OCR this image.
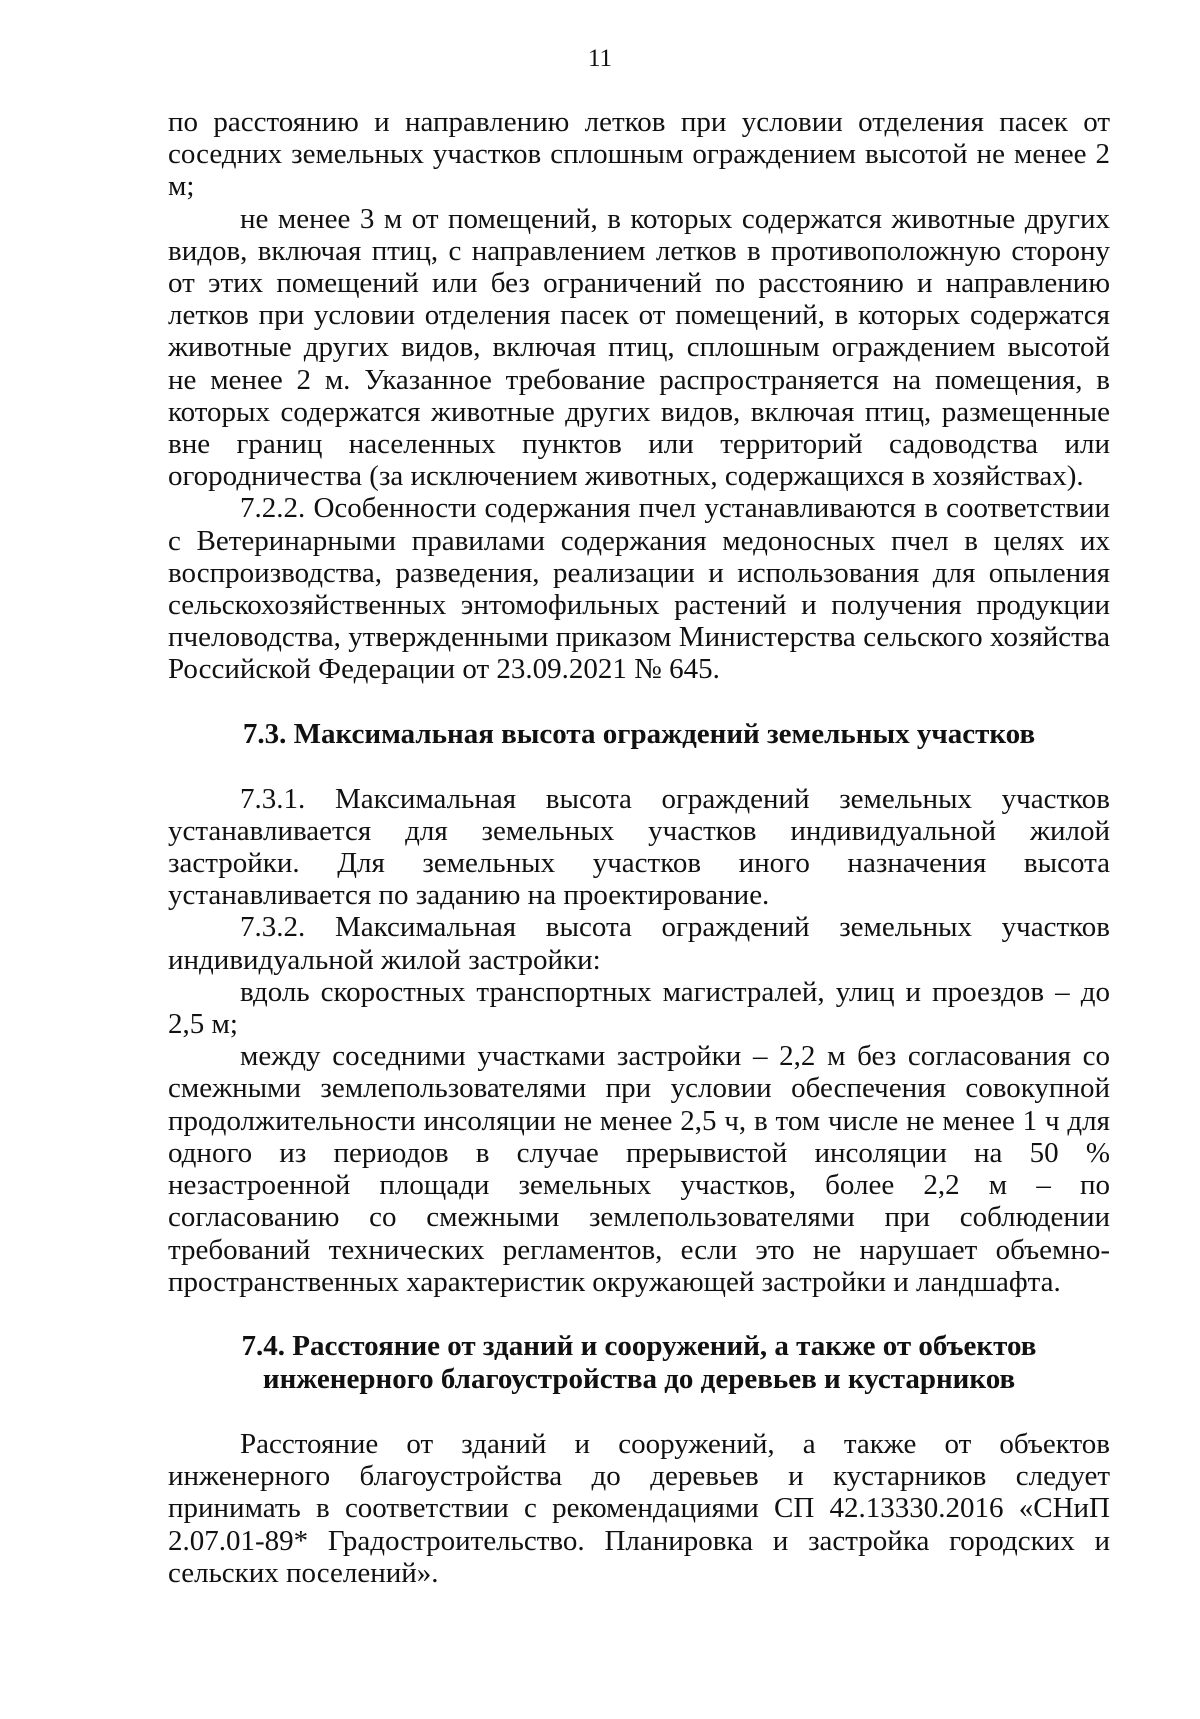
11

по расстоянию и направлению летков при условии отделения пасек от соседних земельных участков сплошным ограждением высотой не менее 2 м;

не менее 3 м от помещений, в которых содержатся животные других видов, включая птиц, с направлением летков в противоположную сторону от этих помещений или без ограничений по расстоянию и направлению летков при условии отделения пасек от помещений, в которых содержатся животные других видов, включая птиц, сплошным ограждением высотой не менее 2 м. Указанное требование распространяется на помещения, в которых содержатся животные других видов, включая птиц, размещенные вне границ населенных пунктов или территорий садоводства или огородничества (за исключением животных, содержащихся в хозяйствах).

7.2.2. Особенности содержания пчел устанавливаются в соответствии с Ветеринарными правилами содержания медоносных пчел в целях их воспроизводства, разведения, реализации и использования для опыления сельскохозяйственных энтомофильных растений и получения продукции пчеловодства, утвержденными приказом Министерства сельского хозяйства Российской Федерации от 23.09.2021 № 645.

7.3. Максимальная высота ограждений земельных участков

7.3.1. Максимальная высота ограждений земельных участков устанавливается для земельных участков индивидуальной жилой застройки. Для земельных участков иного назначения высота устанавливается по заданию на проектирование.

7.3.2. Максимальная высота ограждений земельных участков индивидуальной жилой застройки:

вдоль скоростных транспортных магистралей, улиц и проездов – до 2,5 м;

между соседними участками застройки – 2,2 м без согласования со смежными землепользователями при условии обеспечения совокупной продолжительности инсоляции не менее 2,5 ч, в том числе не менее 1 ч для одного из периодов в случае прерывистой инсоляции на 50 % незастроенной площади земельных участков, более 2,2 м – по согласованию со смежными землепользователями при соблюдении требований технических регламентов, если это не нарушает объемно-пространственных характеристик окружающей застройки и ландшафта.

7.4. Расстояние от зданий и сооружений, а также от объектов
инженерного благоустройства до деревьев и кустарников

Расстояние от зданий и сооружений, а также от объектов инженерного благоустройства до деревьев и кустарников следует принимать в соответствии с рекомендациями СП 42.13330.2016 «СНиП 2.07.01-89* Градостроительство. Планировка и застройка городских и сельских поселений».
